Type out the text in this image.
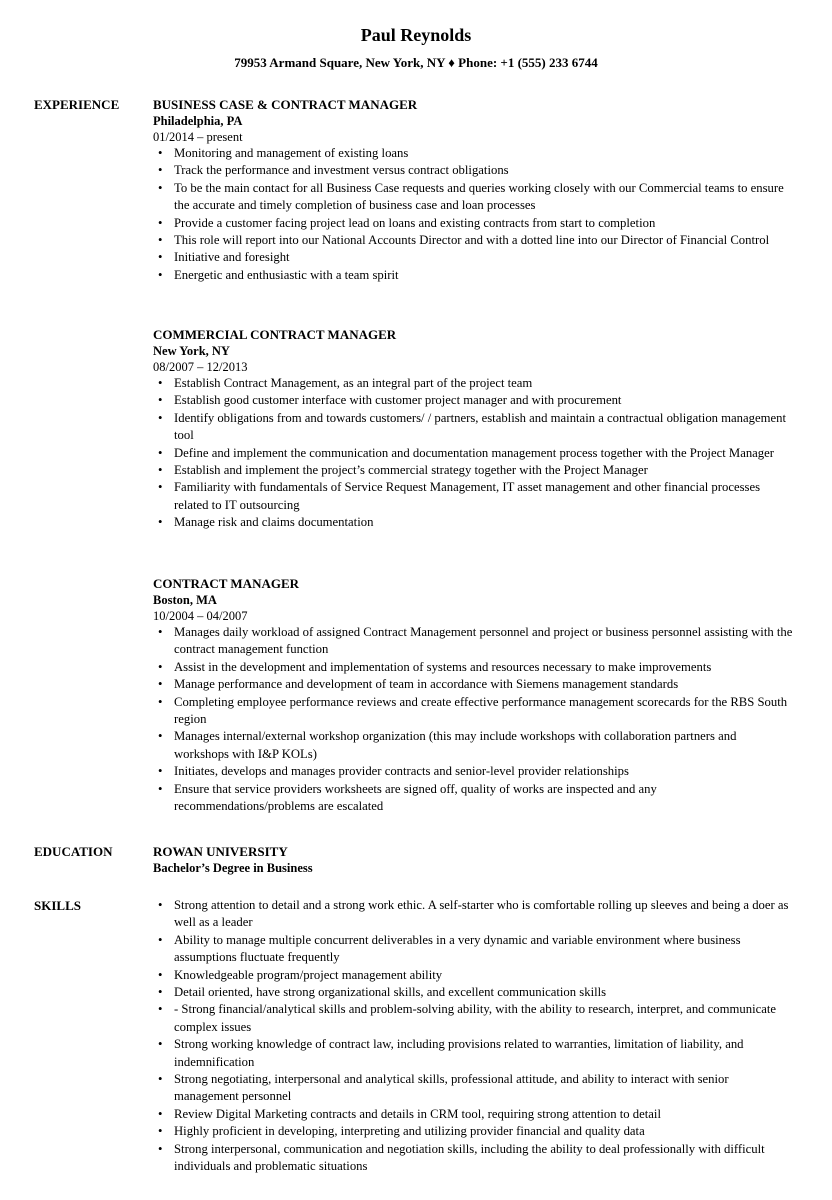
Paul Reynolds
79953 Armand Square, New York, NY ♦ Phone: +1 (555) 233 6744
EXPERIENCE	BUSINESS CASE & CONTRACT MANAGER
Philadelphia, PA
01/2014 – present
• Monitoring and management of existing loans
• Track the performance and investment versus contract obligations
• To be the main contact for all Business Case requests and queries working closely with our Commercial teams to ensure the accurate and timely completion of business case and loan processes
• Provide a customer facing project lead on loans and existing contracts from start to completion
• This role will report into our National Accounts Director and with a dotted line into our Director of Financial Control
• Initiative and foresight
• Energetic and enthusiastic with a team spirit
COMMERCIAL CONTRACT MANAGER
New York, NY
08/2007 – 12/2013
• Establish Contract Management, as an integral part of the project team
• Establish good customer interface with customer project manager and with procurement
• Identify obligations from and towards customers/ / partners, establish and maintain a contractual obligation management tool
• Define and implement the communication and documentation management process together with the Project Manager
• Establish and implement the project’s commercial strategy together with the Project Manager
• Familiarity with fundamentals of Service Request Management, IT asset management and other financial processes related to IT outsourcing
• Manage risk and claims documentation
CONTRACT MANAGER
Boston, MA
10/2004 – 04/2007
• Manages daily workload of assigned Contract Management personnel and project or business personnel assisting with the contract management function
• Assist in the development and implementation of systems and resources necessary to make improvements
• Manage performance and development of team in accordance with Siemens management standards
• Completing employee performance reviews and create effective performance management scorecards for the RBS South region
• Manages internal/external workshop organization (this may include workshops with collaboration partners and workshops with I&P KOLs)
• Initiates, develops and manages provider contracts and senior-level provider relationships
• Ensure that service providers worksheets are signed off, quality of works are inspected and any recommendations/problems are escalated
EDUCATION	ROWAN UNIVERSITY
Bachelor’s Degree in Business
SKILLS	• Strong attention to detail and a strong work ethic. A self-starter who is comfortable rolling up sleeves and being a doer as well as a leader
• Ability to manage multiple concurrent deliverables in a very dynamic and variable environment where business assumptions fluctuate frequently
• Knowledgeable program/project management ability
• Detail oriented, have strong organizational skills, and excellent communication skills
• - Strong financial/analytical skills and problem-solving ability, with the ability to research, interpret, and communicate complex issues
• Strong working knowledge of contract law, including provisions related to warranties, limitation of liability, and indemnification
• Strong negotiating, interpersonal and analytical skills, professional attitude, and ability to interact with senior management personnel
• Review Digital Marketing contracts and details in CRM tool, requiring strong attention to detail
• Highly proficient in developing, interpreting and utilizing provider financial and quality data
• Strong interpersonal, communication and negotiation skills, including the ability to deal professionally with difficult individuals and problematic situations
